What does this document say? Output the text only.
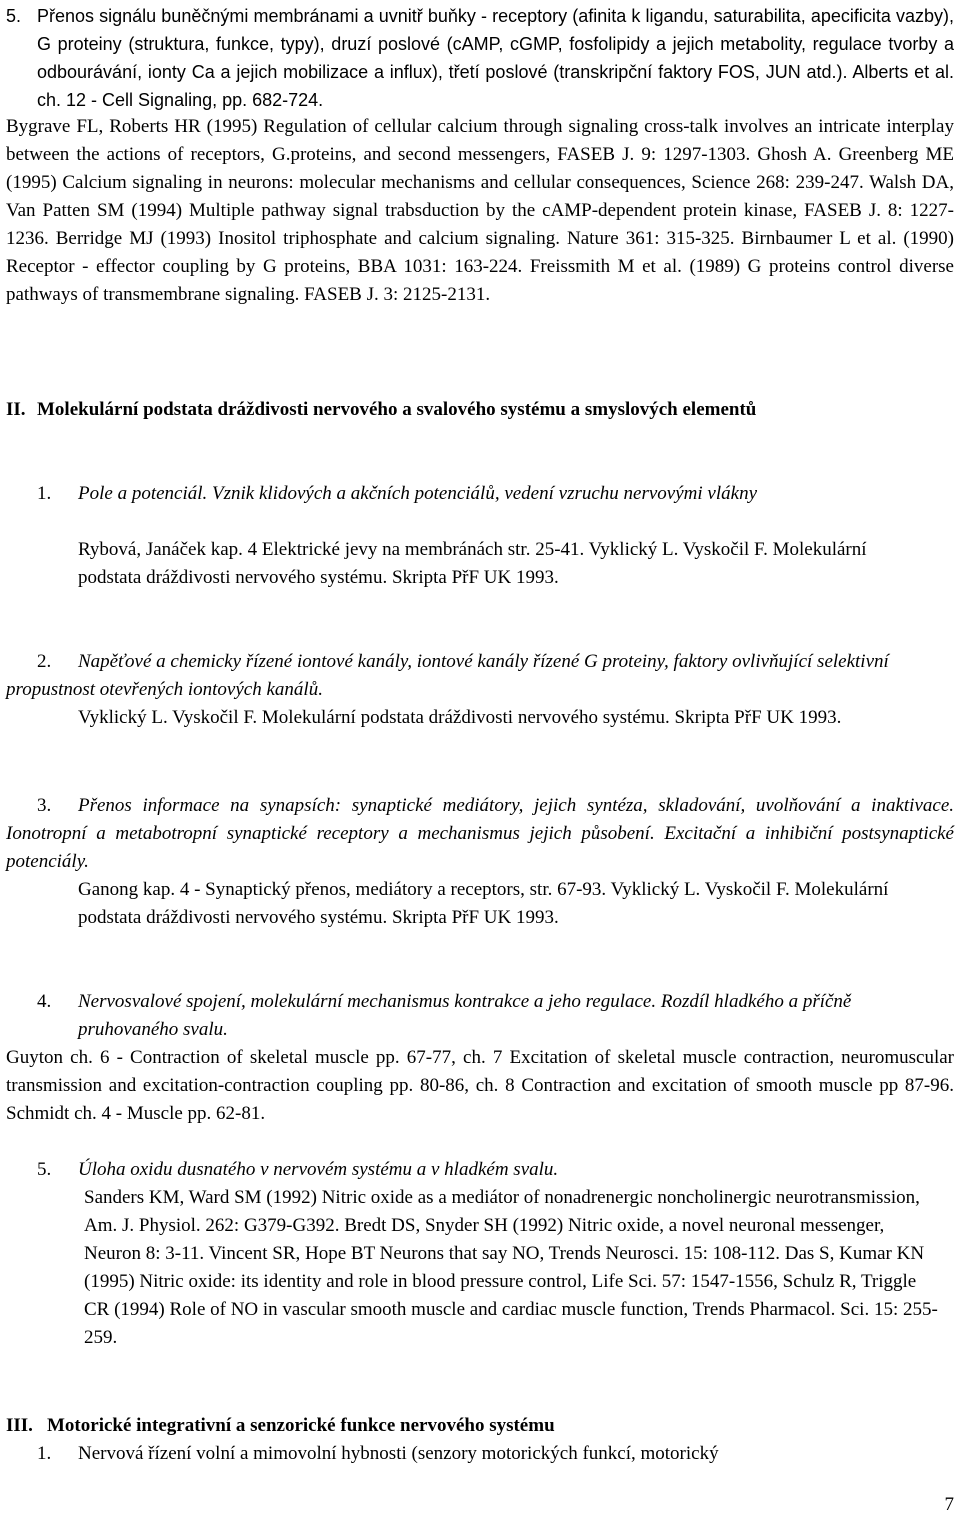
5. Přenos signálu buněčnými membránami a uvnitř buňky - receptory (afinita k ligandu, saturabilita, apecificita vazby), G proteiny (struktura, funkce, typy), druzí poslové (cAMP, cGMP, fosfolipidy a jejich metabolity, regulace tvorby a odbourávání, ionty Ca a jejich mobilizace a influx), třetí poslové (transkripční faktory FOS, JUN atd.). Alberts et al. ch. 12 - Cell Signaling, pp. 682-724.

Bygrave FL, Roberts HR (1995) Regulation of cellular calcium through signaling cross-talk involves an intricate interplay between the actions of receptors, G.proteins, and second messengers, FASEB J. 9: 1297-1303. Ghosh A. Greenberg ME (1995) Calcium signaling in neurons: molecular mechanisms and cellular consequences, Science 268: 239-247. Walsh DA, Van Patten SM (1994) Multiple pathway signal trabsduction by the cAMP-dependent protein kinase, FASEB J. 8: 1227-1236. Berridge MJ (1993) Inositol triphosphate and calcium signaling. Nature 361: 315-325. Birnbaumer L et al. (1990) Receptor - effector coupling by G proteins, BBA 1031: 163-224. Freissmith M et al. (1989) G proteins control diverse pathways of transmembrane signaling. FASEB J. 3: 2125-2131.

II. Molekulární podstata dráždivosti nervového a svalového systému a smyslových elementů

1. Pole a potenciál. Vznik klidových a akčních potenciálů, vedení vzruchu nervovými vlákny

Rybová, Janáček kap. 4 Elektrické jevy na membránách str. 25-41. Vyklický L. Vyskočil F. Molekulární podstata dráždivosti nervového systému. Skripta PřF UK 1993.

2.	Napěťové a chemicky řízené iontové kanály, iontové kanály řízené G proteiny, faktory ovlivňující selektivní propustnost otevřených iontových kanálů.

Vyklický L. Vyskočil F. Molekulární podstata dráždivosti nervového systému. Skripta PřF UK 1993.

3.	Přenos informace na synapsích: synaptické mediátory, jejich syntéza, skladování, uvolňování a inaktivace. Ionotropní a metabotropní synaptické receptory a mechanismus jejich působení. Excitační a inhibiční postsynaptické potenciály.

Ganong kap. 4 - Synaptický přenos, mediátory a receptors, str. 67-93. Vyklický L. Vyskočil F. Molekulární podstata dráždivosti nervového systému. Skripta PřF UK 1993.

4. Nervosvalové spojení, molekulární mechanismus kontrakce a jeho regulace. Rozdíl hladkého a příčně pruhovaného svalu.

Guyton ch. 6 - Contraction of skeletal muscle pp. 67-77, ch. 7 Excitation of skeletal muscle contraction, neuromuscular transmission and excitation-contraction coupling pp. 80-86, ch. 8 Contraction and excitation of smooth muscle pp 87-96. Schmidt ch. 4 - Muscle pp. 62-81.

5. Úloha oxidu dusnatého v nervovém systému a v hladkém svalu.

Sanders KM, Ward SM (1992) Nitric oxide as a mediátor of nonadrenergic noncholinergic neurotransmission, Am. J. Physiol. 262: G379-G392. Bredt DS, Snyder SH (1992) Nitric oxide, a novel neuronal messenger, Neuron 8: 3-11. Vincent SR, Hope BT Neurons that say NO, Trends Neurosci. 15: 108-112. Das S, Kumar KN (1995) Nitric oxide: its identity and role in blood pressure control, Life Sci. 57: 1547-1556, Schulz R, Triggle CR (1994) Role of NO in vascular smooth muscle and cardiac muscle function, Trends Pharmacol. Sci. 15: 255-259.

III. Motorické integrativní a senzorické funkce nervového systému

1. Nervová řízení volní a mimovolní hybnosti (senzory motorických funkcí, motorický

7
